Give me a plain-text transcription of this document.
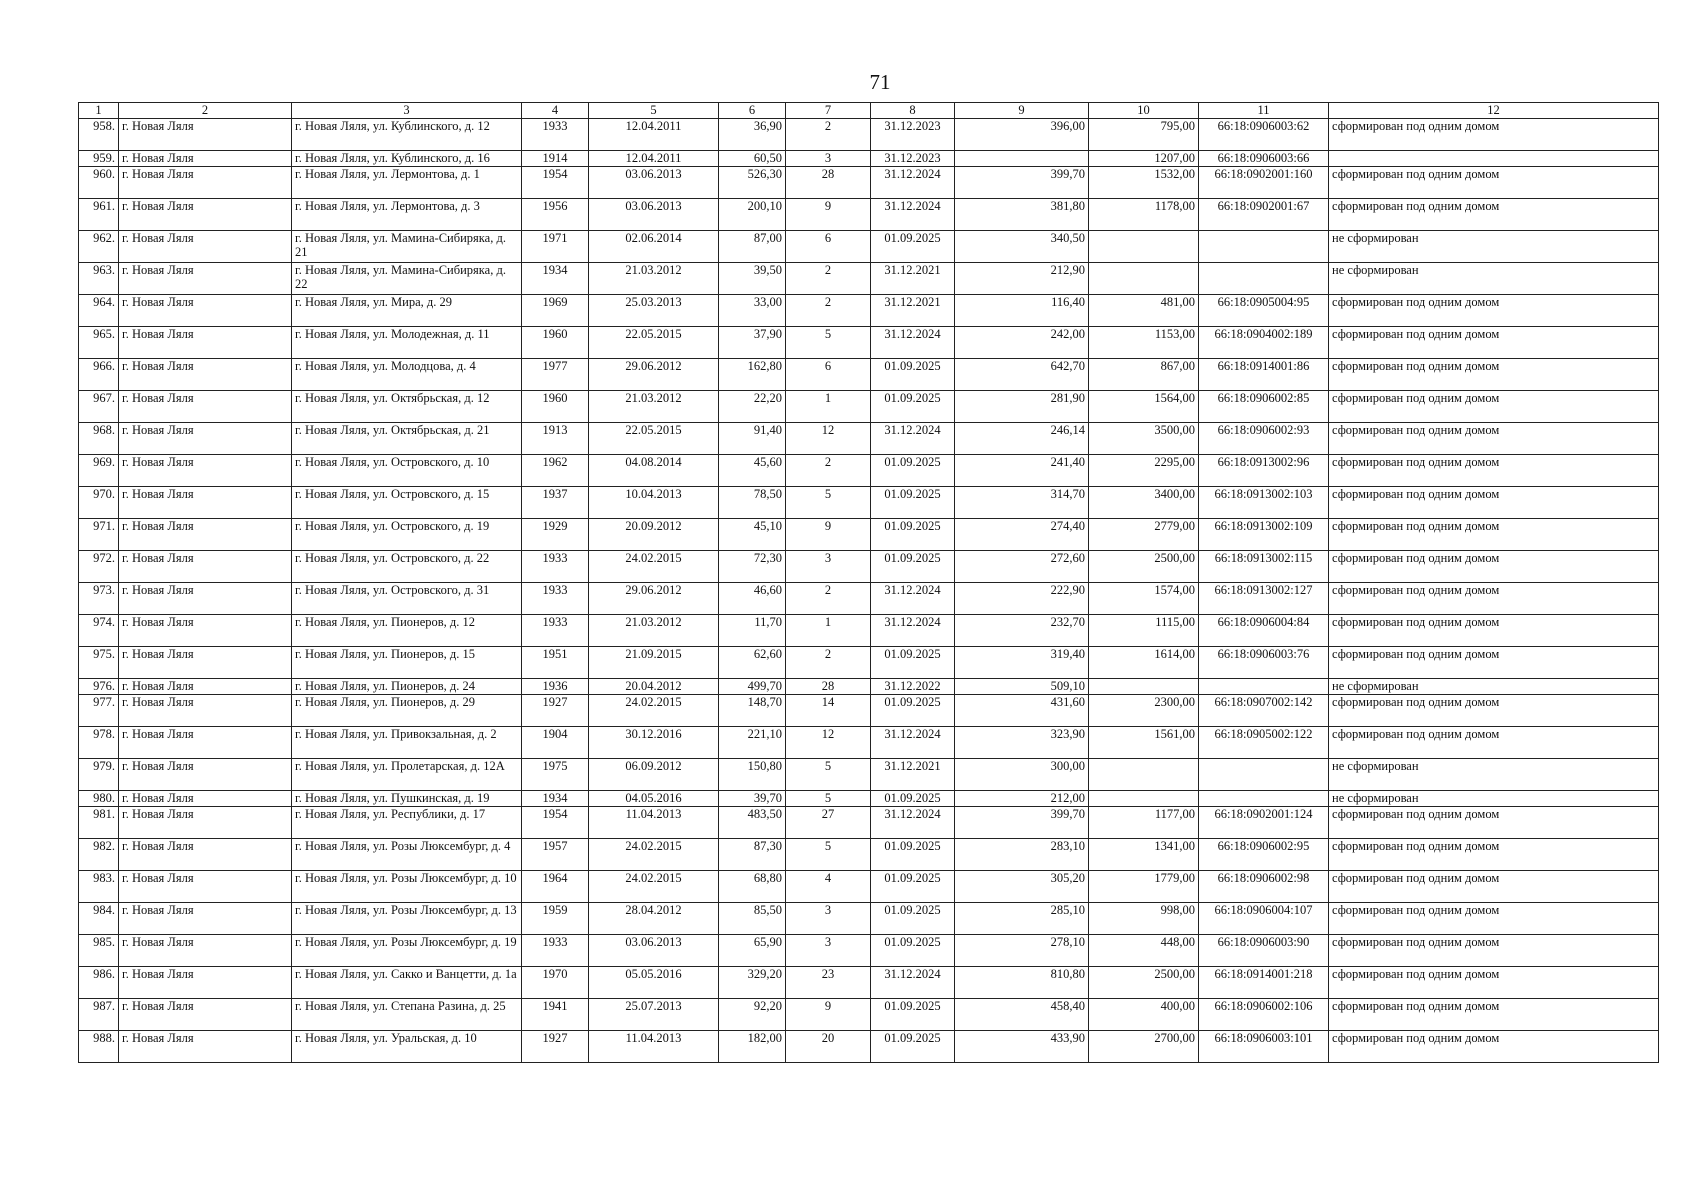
71
1	2	3	4	5	6	7	8	9	10	11	12
958.	г. Новая Ляля	г. Новая Ляля, ул. Кублинского, д. 12	1933	12.04.2011	36,90	2	31.12.2023	396,00	795,00	66:18:0906003:62	сформирован под одним домом
959.	г. Новая Ляля	г. Новая Ляля, ул. Кублинского, д. 16	1914	12.04.2011	60,50	3	31.12.2023		1207,00	66:18:0906003:66	
960.	г. Новая Ляля	г. Новая Ляля, ул. Лермонтова, д. 1	1954	03.06.2013	526,30	28	31.12.2024	399,70	1532,00	66:18:0902001:160	сформирован под одним домом
961.	г. Новая Ляля	г. Новая Ляля, ул. Лермонтова, д. 3	1956	03.06.2013	200,10	9	31.12.2024	381,80	1178,00	66:18:0902001:67	сформирован под одним домом
962.	г. Новая Ляля	г. Новая Ляля, ул. Мамина-Сибиряка, д. 21	1971	02.06.2014	87,00	6	01.09.2025	340,50			не сформирован
963.	г. Новая Ляля	г. Новая Ляля, ул. Мамина-Сибиряка, д. 22	1934	21.03.2012	39,50	2	31.12.2021	212,90			не сформирован
964.	г. Новая Ляля	г. Новая Ляля, ул. Мира, д. 29	1969	25.03.2013	33,00	2	31.12.2021	116,40	481,00	66:18:0905004:95	сформирован под одним домом
965.	г. Новая Ляля	г. Новая Ляля, ул. Молодежная, д. 11	1960	22.05.2015	37,90	5	31.12.2024	242,00	1153,00	66:18:0904002:189	сформирован под одним домом
966.	г. Новая Ляля	г. Новая Ляля, ул. Молодцова, д. 4	1977	29.06.2012	162,80	6	01.09.2025	642,70	867,00	66:18:0914001:86	сформирован под одним домом
967.	г. Новая Ляля	г. Новая Ляля, ул. Октябрьская, д. 12	1960	21.03.2012	22,20	1	01.09.2025	281,90	1564,00	66:18:0906002:85	сформирован под одним домом
968.	г. Новая Ляля	г. Новая Ляля, ул. Октябрьская, д. 21	1913	22.05.2015	91,40	12	31.12.2024	246,14	3500,00	66:18:0906002:93	сформирован под одним домом
969.	г. Новая Ляля	г. Новая Ляля, ул. Островского, д. 10	1962	04.08.2014	45,60	2	01.09.2025	241,40	2295,00	66:18:0913002:96	сформирован под одним домом
970.	г. Новая Ляля	г. Новая Ляля, ул. Островского, д. 15	1937	10.04.2013	78,50	5	01.09.2025	314,70	3400,00	66:18:0913002:103	сформирован под одним домом
971.	г. Новая Ляля	г. Новая Ляля, ул. Островского, д. 19	1929	20.09.2012	45,10	9	01.09.2025	274,40	2779,00	66:18:0913002:109	сформирован под одним домом
972.	г. Новая Ляля	г. Новая Ляля, ул. Островского, д. 22	1933	24.02.2015	72,30	3	01.09.2025	272,60	2500,00	66:18:0913002:115	сформирован под одним домом
973.	г. Новая Ляля	г. Новая Ляля, ул. Островского, д. 31	1933	29.06.2012	46,60	2	31.12.2024	222,90	1574,00	66:18:0913002:127	сформирован под одним домом
974.	г. Новая Ляля	г. Новая Ляля, ул. Пионеров, д. 12	1933	21.03.2012	11,70	1	31.12.2024	232,70	1115,00	66:18:0906004:84	сформирован под одним домом
975.	г. Новая Ляля	г. Новая Ляля, ул. Пионеров, д. 15	1951	21.09.2015	62,60	2	01.09.2025	319,40	1614,00	66:18:0906003:76	сформирован под одним домом
976.	г. Новая Ляля	г. Новая Ляля, ул. Пионеров, д. 24	1936	20.04.2012	499,70	28	31.12.2022	509,10			не сформирован
977.	г. Новая Ляля	г. Новая Ляля, ул. Пионеров, д. 29	1927	24.02.2015	148,70	14	01.09.2025	431,60	2300,00	66:18:0907002:142	сформирован под одним домом
978.	г. Новая Ляля	г. Новая Ляля, ул. Привокзальная, д. 2	1904	30.12.2016	221,10	12	31.12.2024	323,90	1561,00	66:18:0905002:122	сформирован под одним домом
979.	г. Новая Ляля	г. Новая Ляля, ул. Пролетарская, д. 12А	1975	06.09.2012	150,80	5	31.12.2021	300,00			не сформирован
980.	г. Новая Ляля	г. Новая Ляля, ул. Пушкинская, д. 19	1934	04.05.2016	39,70	5	01.09.2025	212,00			не сформирован
981.	г. Новая Ляля	г. Новая Ляля, ул. Республики, д. 17	1954	11.04.2013	483,50	27	31.12.2024	399,70	1177,00	66:18:0902001:124	сформирован под одним домом
982.	г. Новая Ляля	г. Новая Ляля, ул. Розы Люксембург, д. 4	1957	24.02.2015	87,30	5	01.09.2025	283,10	1341,00	66:18:0906002:95	сформирован под одним домом
983.	г. Новая Ляля	г. Новая Ляля, ул. Розы Люксембург, д. 10	1964	24.02.2015	68,80	4	01.09.2025	305,20	1779,00	66:18:0906002:98	сформирован под одним домом
984.	г. Новая Ляля	г. Новая Ляля, ул. Розы Люксембург, д. 13	1959	28.04.2012	85,50	3	01.09.2025	285,10	998,00	66:18:0906004:107	сформирован под одним домом
985.	г. Новая Ляля	г. Новая Ляля, ул. Розы Люксембург, д. 19	1933	03.06.2013	65,90	3	01.09.2025	278,10	448,00	66:18:0906003:90	сформирован под одним домом
986.	г. Новая Ляля	г. Новая Ляля, ул. Сакко и Ванцетти, д. 1а	1970	05.05.2016	329,20	23	31.12.2024	810,80	2500,00	66:18:0914001:218	сформирован под одним домом
987.	г. Новая Ляля	г. Новая Ляля, ул. Степана Разина, д. 25	1941	25.07.2013	92,20	9	01.09.2025	458,40	400,00	66:18:0906002:106	сформирован под одним домом
988.	г. Новая Ляля	г. Новая Ляля, ул. Уральская, д. 10	1927	11.04.2013	182,00	20	01.09.2025	433,90	2700,00	66:18:0906003:101	сформирован под одним домом
